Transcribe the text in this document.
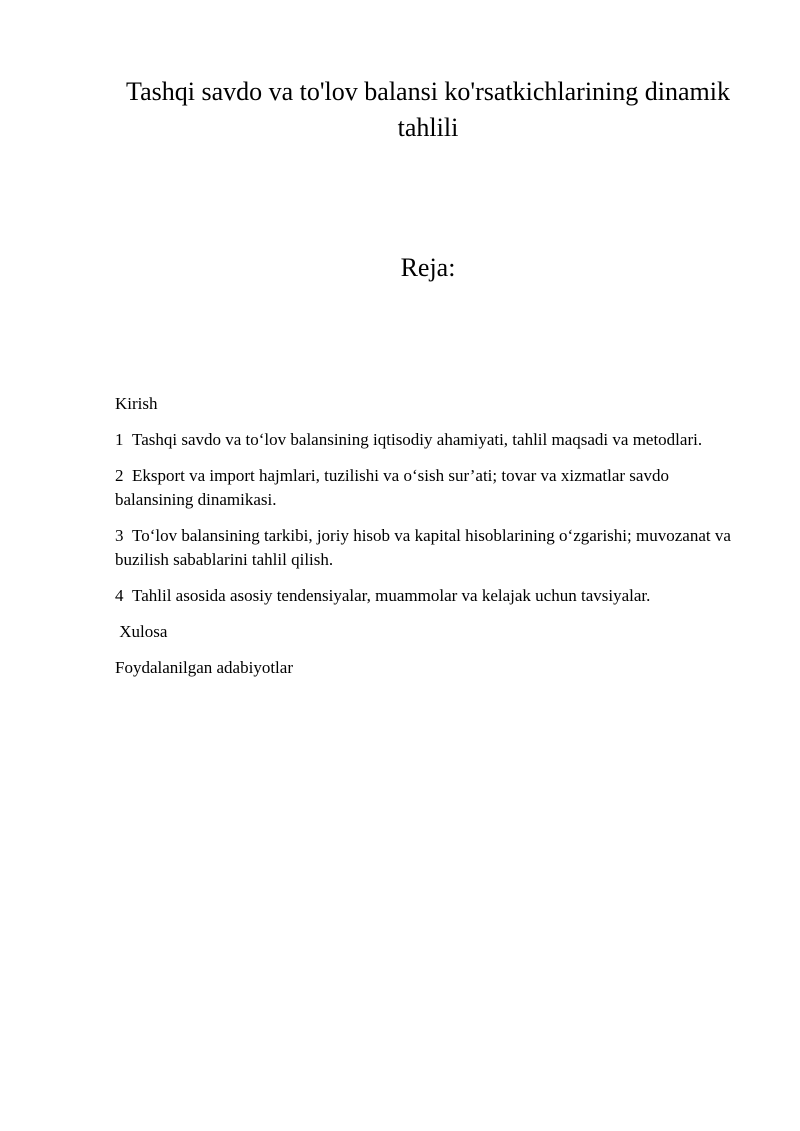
Tashqi savdo va to'lov balansi ko'rsatkichlarining dinamik tahlili
Reja:
Kirish
1 Tashqi savdo va to‘lov balansining iqtisodiy ahamiyati, tahlil maqsadi va metodlari.
2 Eksport va import hajmlari, tuzilishi va o‘sish sur’ati; tovar va xizmatlar savdo balansining dinamikasi.
3 To‘lov balansining tarkibi, joriy hisob va kapital hisoblarining o‘zgarishi; muvozanat va buzilish sabablarini tahlil qilish.
4 Tahlil asosida asosiy tendensiyalar, muammolar va kelajak uchun tavsiyalar.
Xulosa
Foydalanilgan adabiyotlar
